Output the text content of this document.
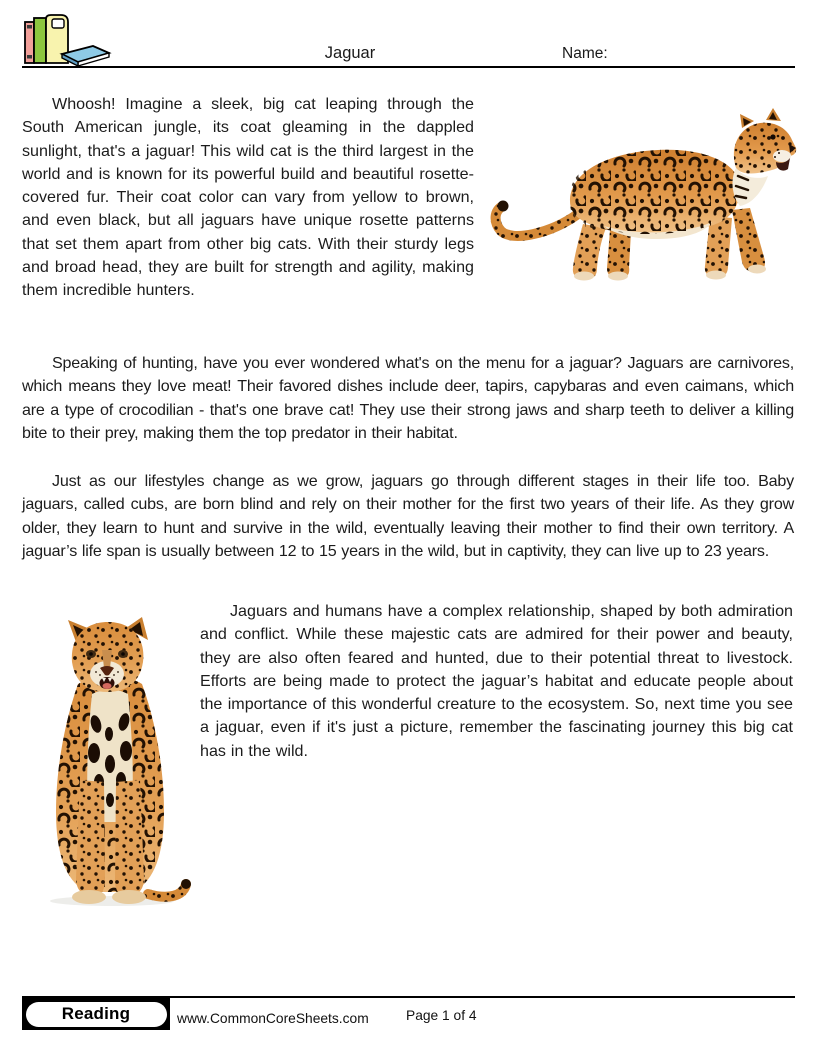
Jaguar	Name:

Whoosh! Imagine a sleek, big cat leaping through the South American jungle, its coat gleaming in the dappled sunlight, that's a jaguar! This wild cat is the third largest in the world and is known for its powerful build and beautiful rosette-covered fur. Their coat color can vary from yellow to brown, and even black, but all jaguars have unique rosette patterns that set them apart from other big cats. With their sturdy legs and broad head, they are built for strength and agility, making them incredible hunters.

Speaking of hunting, have you ever wondered what's on the menu for a jaguar? Jaguars are carnivores, which means they love meat! Their favored dishes include deer, tapirs, capybaras and even caimans, which are a type of crocodilian - that's one brave cat! They use their strong jaws and sharp teeth to deliver a killing bite to their prey, making them the top predator in their habitat.

Just as our lifestyles change as we grow, jaguars go through different stages in their life too. Baby jaguars, called cubs, are born blind and rely on their mother for the first two years of their life. As they grow older, they learn to hunt and survive in the wild, eventually leaving their mother to find their own territory. A jaguar’s life span is usually between 12 to 15 years in the wild, but in captivity, they can live up to 23 years.

Jaguars and humans have a complex relationship, shaped by both admiration and conflict. While these majestic cats are admired for their power and beauty, they are also often feared and hunted, due to their potential threat to livestock. Efforts are being made to protect the jaguar’s habitat and educate people about the importance of this wonderful creature to the ecosystem. So, next time you see a jaguar, even if it's just a picture, remember the fascinating journey this big cat has in the wild.

Reading	www.CommonCoreSheets.com	Page 1 of 4
